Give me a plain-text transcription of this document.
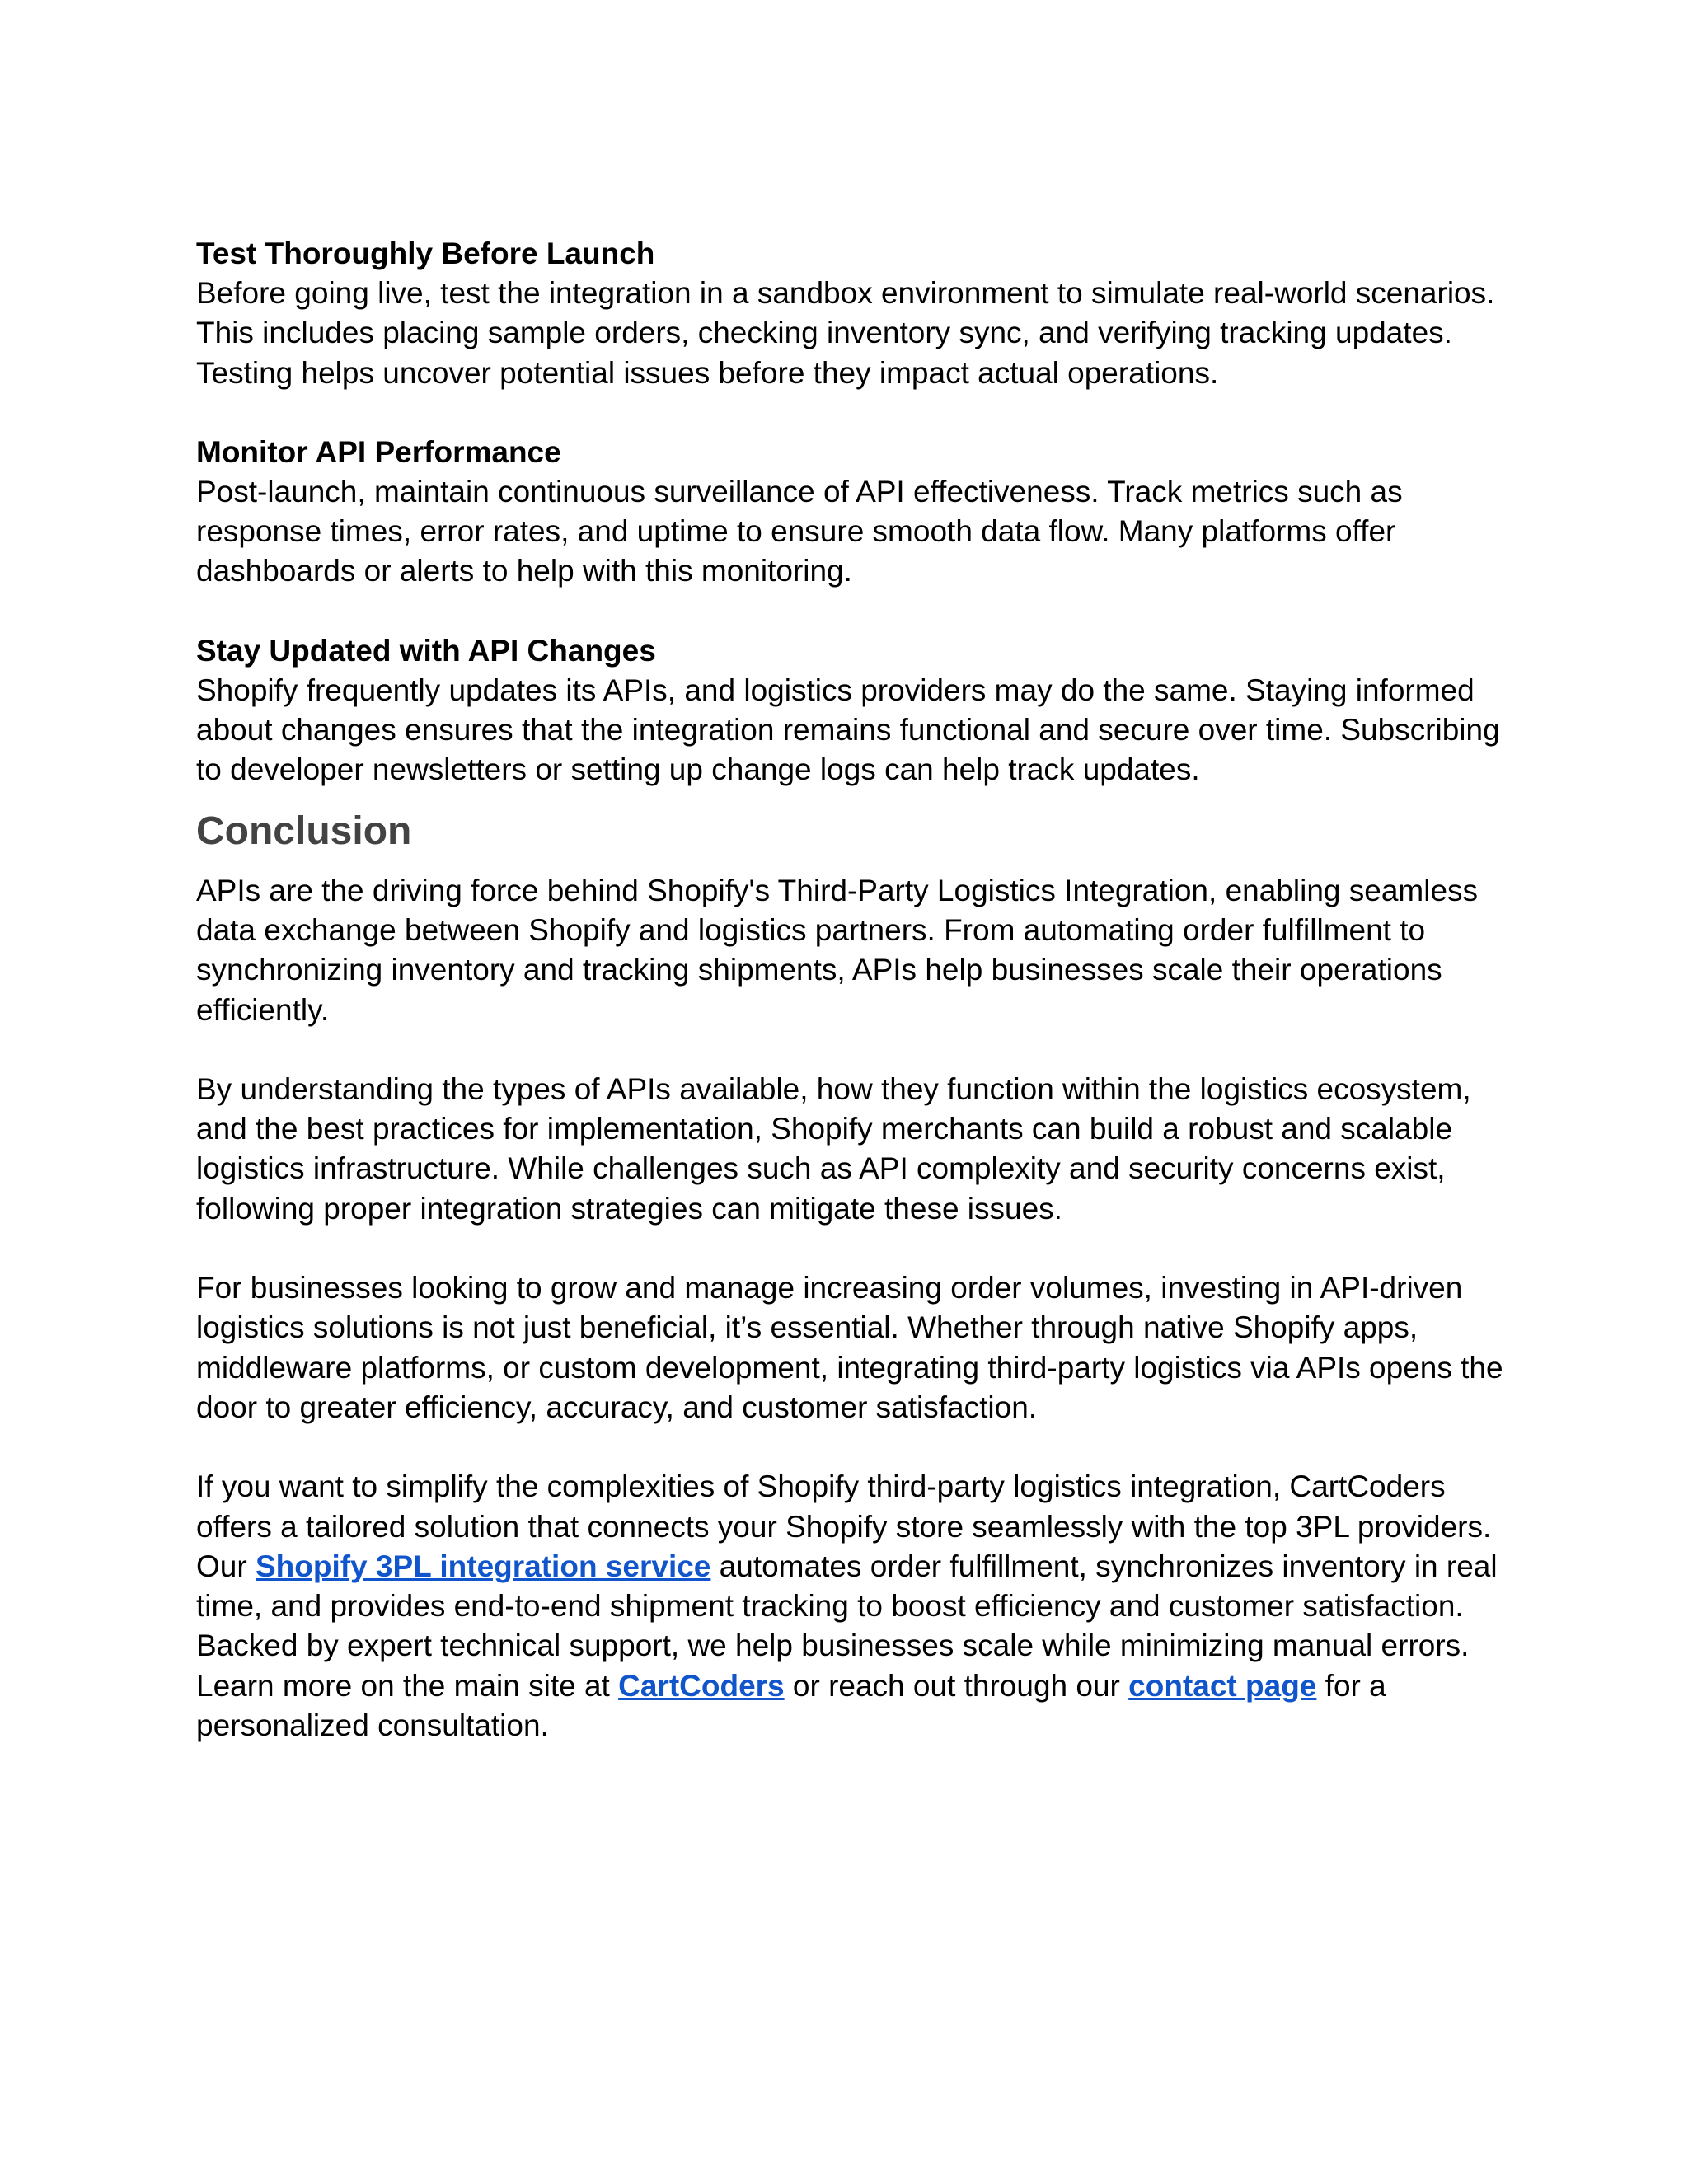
Test Thoroughly Before Launch

Before going live, test the integration in a sandbox environment to simulate real-world scenarios. This includes placing sample orders, checking inventory sync, and verifying tracking updates. Testing helps uncover potential issues before they impact actual operations.

Monitor API Performance

Post-launch, maintain continuous surveillance of API effectiveness. Track metrics such as response times, error rates, and uptime to ensure smooth data flow. Many platforms offer dashboards or alerts to help with this monitoring.

Stay Updated with API Changes

Shopify frequently updates its APIs, and logistics providers may do the same. Staying informed about changes ensures that the integration remains functional and secure over time. Subscribing to developer newsletters or setting up change logs can help track updates.

Conclusion

APIs are the driving force behind Shopify's Third-Party Logistics Integration, enabling seamless data exchange between Shopify and logistics partners. From automating order fulfillment to synchronizing inventory and tracking shipments, APIs help businesses scale their operations efficiently.

By understanding the types of APIs available, how they function within the logistics ecosystem, and the best practices for implementation, Shopify merchants can build a robust and scalable logistics infrastructure. While challenges such as API complexity and security concerns exist, following proper integration strategies can mitigate these issues.

For businesses looking to grow and manage increasing order volumes, investing in API-driven logistics solutions is not just beneficial, it’s essential. Whether through native Shopify apps, middleware platforms, or custom development, integrating third-party logistics via APIs opens the door to greater efficiency, accuracy, and customer satisfaction.

If you want to simplify the complexities of Shopify third-party logistics integration, CartCoders offers a tailored solution that connects your Shopify store seamlessly with the top 3PL providers. Our Shopify 3PL integration service automates order fulfillment, synchronizes inventory in real time, and provides end-to-end shipment tracking to boost efficiency and customer satisfaction. Backed by expert technical support, we help businesses scale while minimizing manual errors. Learn more on the main site at CartCoders or reach out through our contact page for a personalized consultation.
